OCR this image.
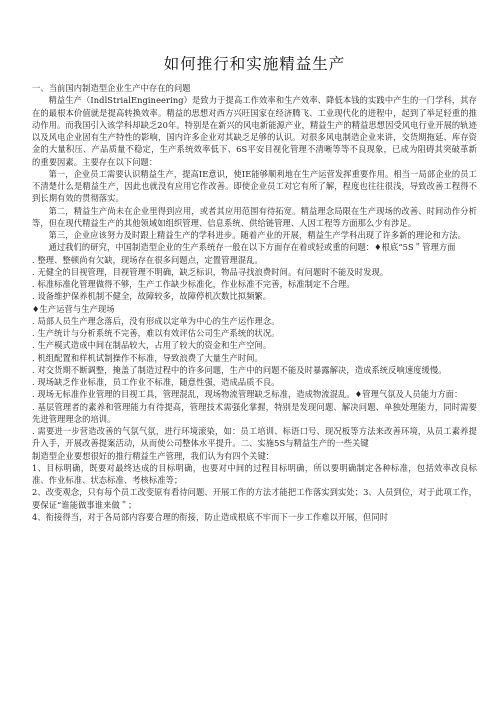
如何推行和实施精益生产

一、当前国内制造型企业生产中存在的问题

精益生产（IndlStrialEngineering）是致力于提高工作效率和生产效率、降低本钱的实践中产生的一门学科，其存在的最根本价值就是提高转换效率。精益的思想对西方兴旺国家在经济腾飞、工业现代化的进程中，起到了举足轻重的推动作用。而我国引入该学科却缺乏20年。特别是在新兴的风电新能源产业，精益生产的精益思想因受风电行业开展的轨迹以及风电企业固有生产特性的影响，国内许多企业对其缺乏足够的认识。对很多风电制造企业来讲，交货期拖延、库存资金的大量积压、产品质量不稳定，生产系统效率低下、6S平安目视化管理不清晰等等不良现象，已成为阻碍其突破革新的重要因素。主要存在以下问题：

第一，企业员工需要认识精益生产，提高IE意识，使IE能够顺利地在生产运营发挥重要作用。相当一局部企业的员工不清楚什么是精益生产，因此也就没有应用它作改善。即使企业员工对它有所了解，程度也往往很浅，导致改善工程得不到长期有效的贯彻落实。

第二，精益生产尚未在企业里得到应用，或者其应用范围有待拓宽。精益理念局限在生产现场的改善、时间动作分析等，但在现代精益生产的其他领域如组织管理、信息系统、供给链管理、人因工程等方面那么少有涉足。

第三，企业应该努力及时跟上精益生产的学科进步。随着产业的开展，精益生产学科出现了许多新的理论和方法。

通过我们的研究，中国制造型企业的生产系统存一般在以下方面存在着或轻或重的问题：♦根底“5S＂管理方面

. 整理、整顿尚有欠缺，现场存在很多问题点，定置管理混乱。

. 无健全的目视管理，目视管理不明确，缺乏标识，物品寻找浪费时间。有问题时不能及时发现。

. 标准标准化管理做得不够，生产工作缺少标准化，作业标准不完善，标准制定不合理。

. 设备维护保养机制不健全，故障较多，故障停机次数比拟频繁。

♦生产运营与生产现场

. 局部人员生产理念落后，没有形成以定单为中心的生产运作理念。

. 生产统计与分析系统不完善，难以有效评估公司生产系统的状况。

. 生产模式造成中间在制品较大，占用了较大的资金和生产空间。

. 机组配置和样机试制操作不标准，导致浪费了大量生产时间。

. 对交货期不断调整，掩盖了制造过程中的许多问题，生产中的问题不能及时暴露解决，造成系统反响速度缓慢。

. 现场缺乏作业标准，员工作业不标准，随意性强，造成品质不良。

. 现场无标准作业管理的目视工具，管理混乱，现场物流管理缺乏标准，造成物流混乱。♦管理气氛及人员能力方面：

. 基层管理者的素养和管理能力有待提高，管理技术需强化掌握，特别是发现问题、解决问题、单独处理能力，同时需要先进管理理念的培训。

. 需要进一步营造改善的气氛气氛，进行环境滚染，如：员工培训、标语口号、现况板等方法来改善环境，从员工素养提升入手，开展改善提案活动，从而使公司整体水平提升。二、实施5S与精益生产的一些关键

制造型企业要想很好的推行精益生产管理，我们认为有四个关键：

1、目标明确，既要对最终达成的目标明确，也要对中间的过程目标明确，所以要明确制定各种标准，包括效率改良标准、作业标准、状态标准、考核标准等；

2、改变观念，只有每个员工改变原有看待问题、开展工作的方法才能把工作落实到实处；3、人员到位，对于此项工作，要保证“谁能做事谁来做＂；

4、衔接得当，对于各局部内容要合理的衔接，防止造成根底不牢而下一步工作难以开展，但同时
